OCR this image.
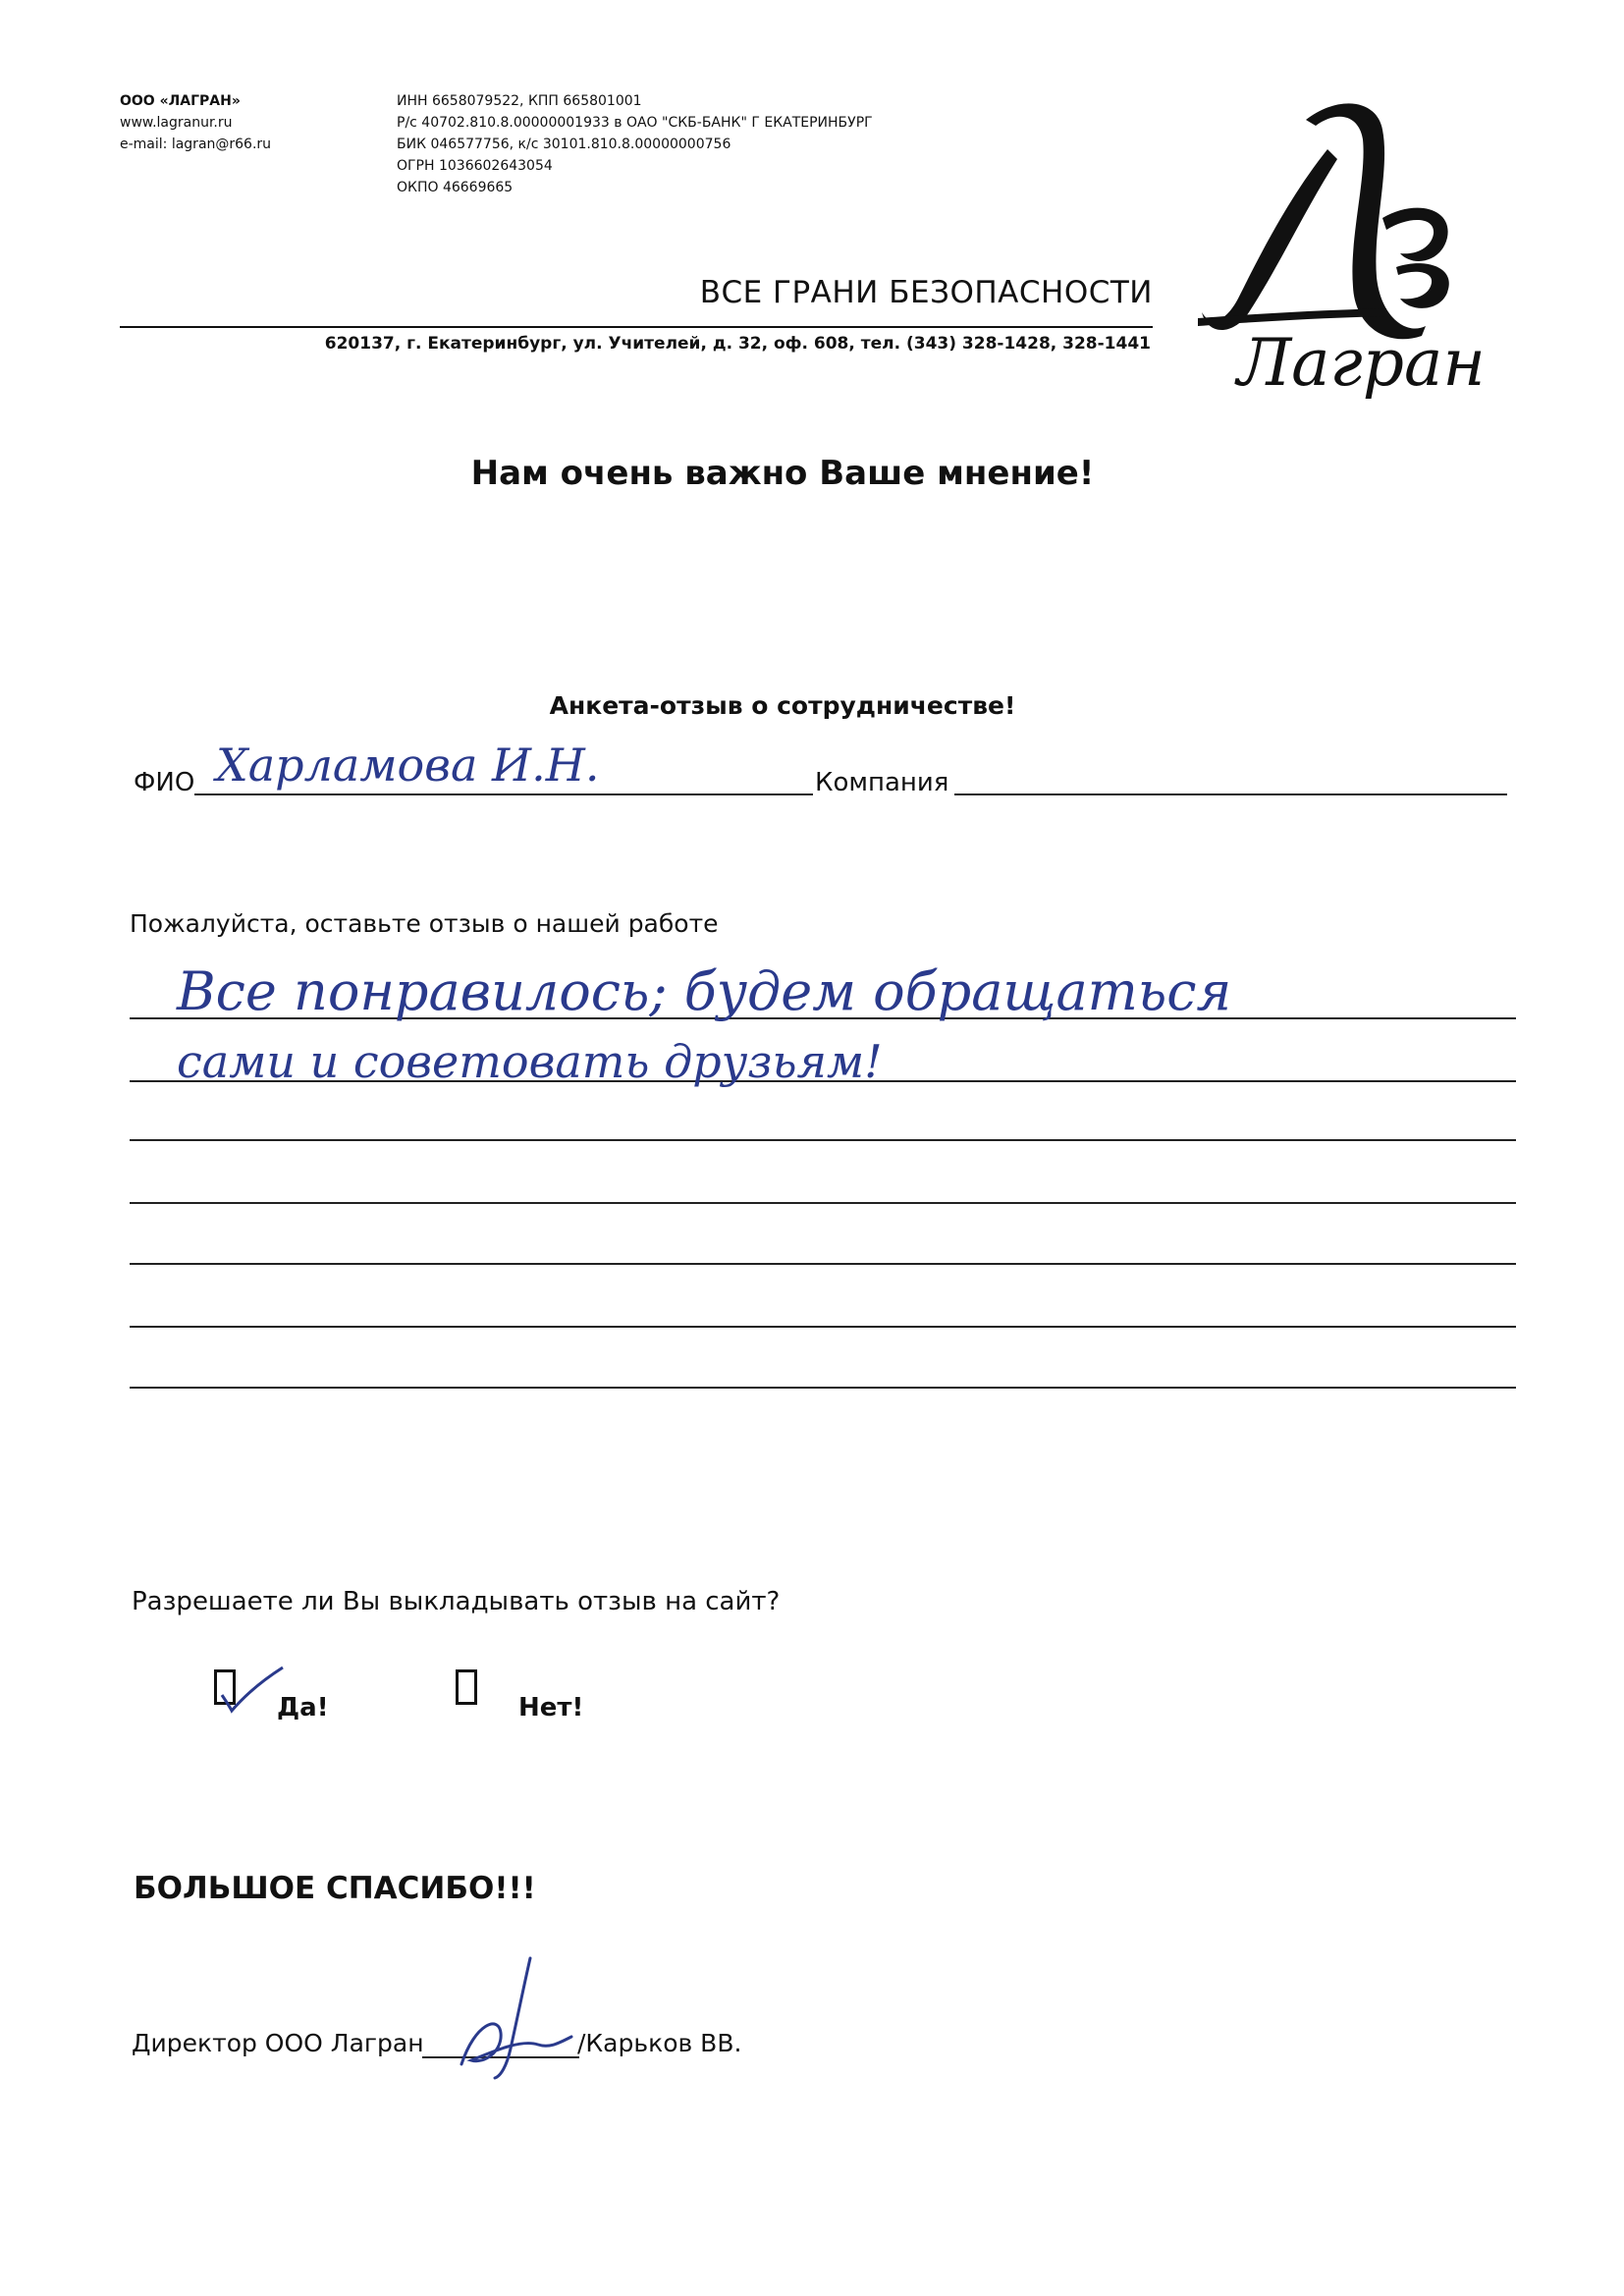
ООО «ЛАГРАН»
www.lagranur.ru
e-mail: lagran@r66.ru
ИНН 6658079522, КПП 665801001
Р/с 40702.810.8.00000001933 в ОАО "СКБ-БАНК" Г ЕКАТЕРИНБУРГ
БИК 046577756, к/с 30101.810.8.00000000756
ОГРН 1036602643054
ОКПО 46669665
ВСЕ ГРАНИ БЕЗОПАСНОСТИ
620137, г. Екатеринбург, ул. Учителей, д. 32, оф. 608, тел. (343) 328-1428, 328-1441 Лагран
Нам очень важно Ваше мнение!
Анкета-отзыв о сотрудничестве!
ФИО Харламова И.Н.	Компания
Пожалуйста, оставьте отзыв о нашей работе
Все понравилось; будем обращаться
сами и советовать друзьям!
Разрешаете ли Вы выкладывать отзыв на сайт?
Да!	Нет!
БОЛЬШОЕ СПАСИБО!!!
Директор ООО Лагран	/Карьков ВВ.
